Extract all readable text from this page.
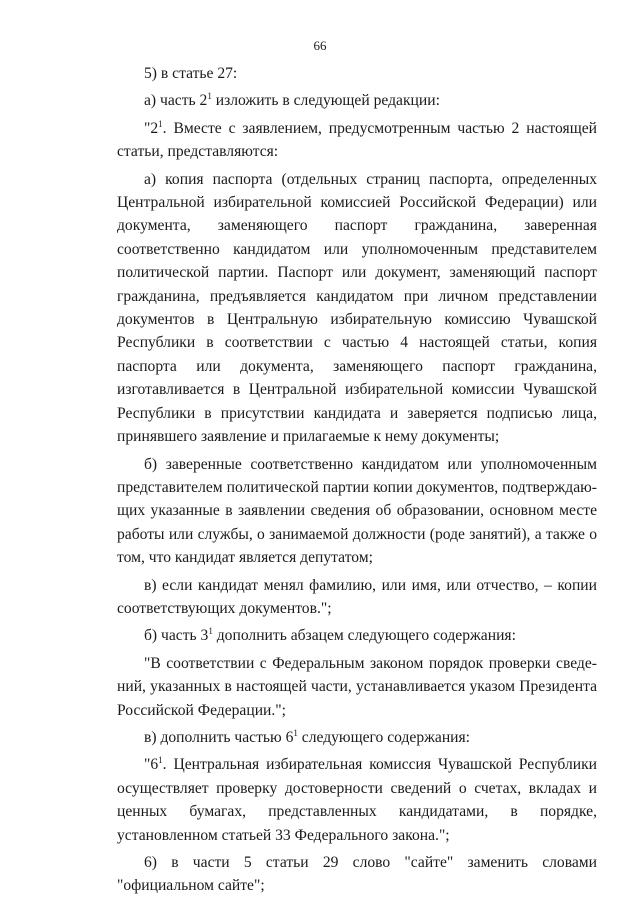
66

5) в статье 27:

а) часть $2^1$ изложить в следующей редакции:

"$2^1$. Вместе с заявлением, предусмотренным частью 2 настоящей статьи, представляются:

а) копия паспорта (отдельных страниц паспорта, определенных Центральной избирательной комиссией Российской Федерации) или документа, заменяющего паспорт гражданина, заверенная соответственно кандидатом или уполномоченным представителем политической партии. Паспорт или документ, заменяющий паспорт гражданина, предъявляется кандидатом при личном представлении документов в Центральную избирательную комиссию Чувашской Республики в соответствии с частью 4 настоящей статьи, копия паспорта или документа, заменяющего паспорт гражданина, изготавливается в Центральной избирательной комиссии Чувашской Республики в присутствии кандидата и заверяется подписью лица, принявшего заявление и прилагаемые к нему документы;

б) заверенные соответственно кандидатом или уполномоченным представителем политической партии копии документов, подтверждающих указанные в заявлении сведения об образовании, основном месте работы или службы, о занимаемой должности (роде занятий), а также о том, что кандидат является депутатом;

в) если кандидат менял фамилию, или имя, или отчество, – копии соответствующих документов.";

б) часть $3^1$ дополнить абзацем следующего содержания:

"В соответствии с Федеральным законом порядок проверки сведений, указанных в настоящей части, устанавливается указом Президента Российской Федерации.";

в) дополнить частью $6^1$ следующего содержания:

"$6^1$. Центральная избирательная комиссия Чувашской Республики осуществляет проверку достоверности сведений о счетах, вкладах и ценных бумагах, представленных кандидатами, в порядке, установленном статьей 33 Федерального закона.";

6) в части 5 статьи 29 слово "сайте" заменить словами "официальном сайте";
